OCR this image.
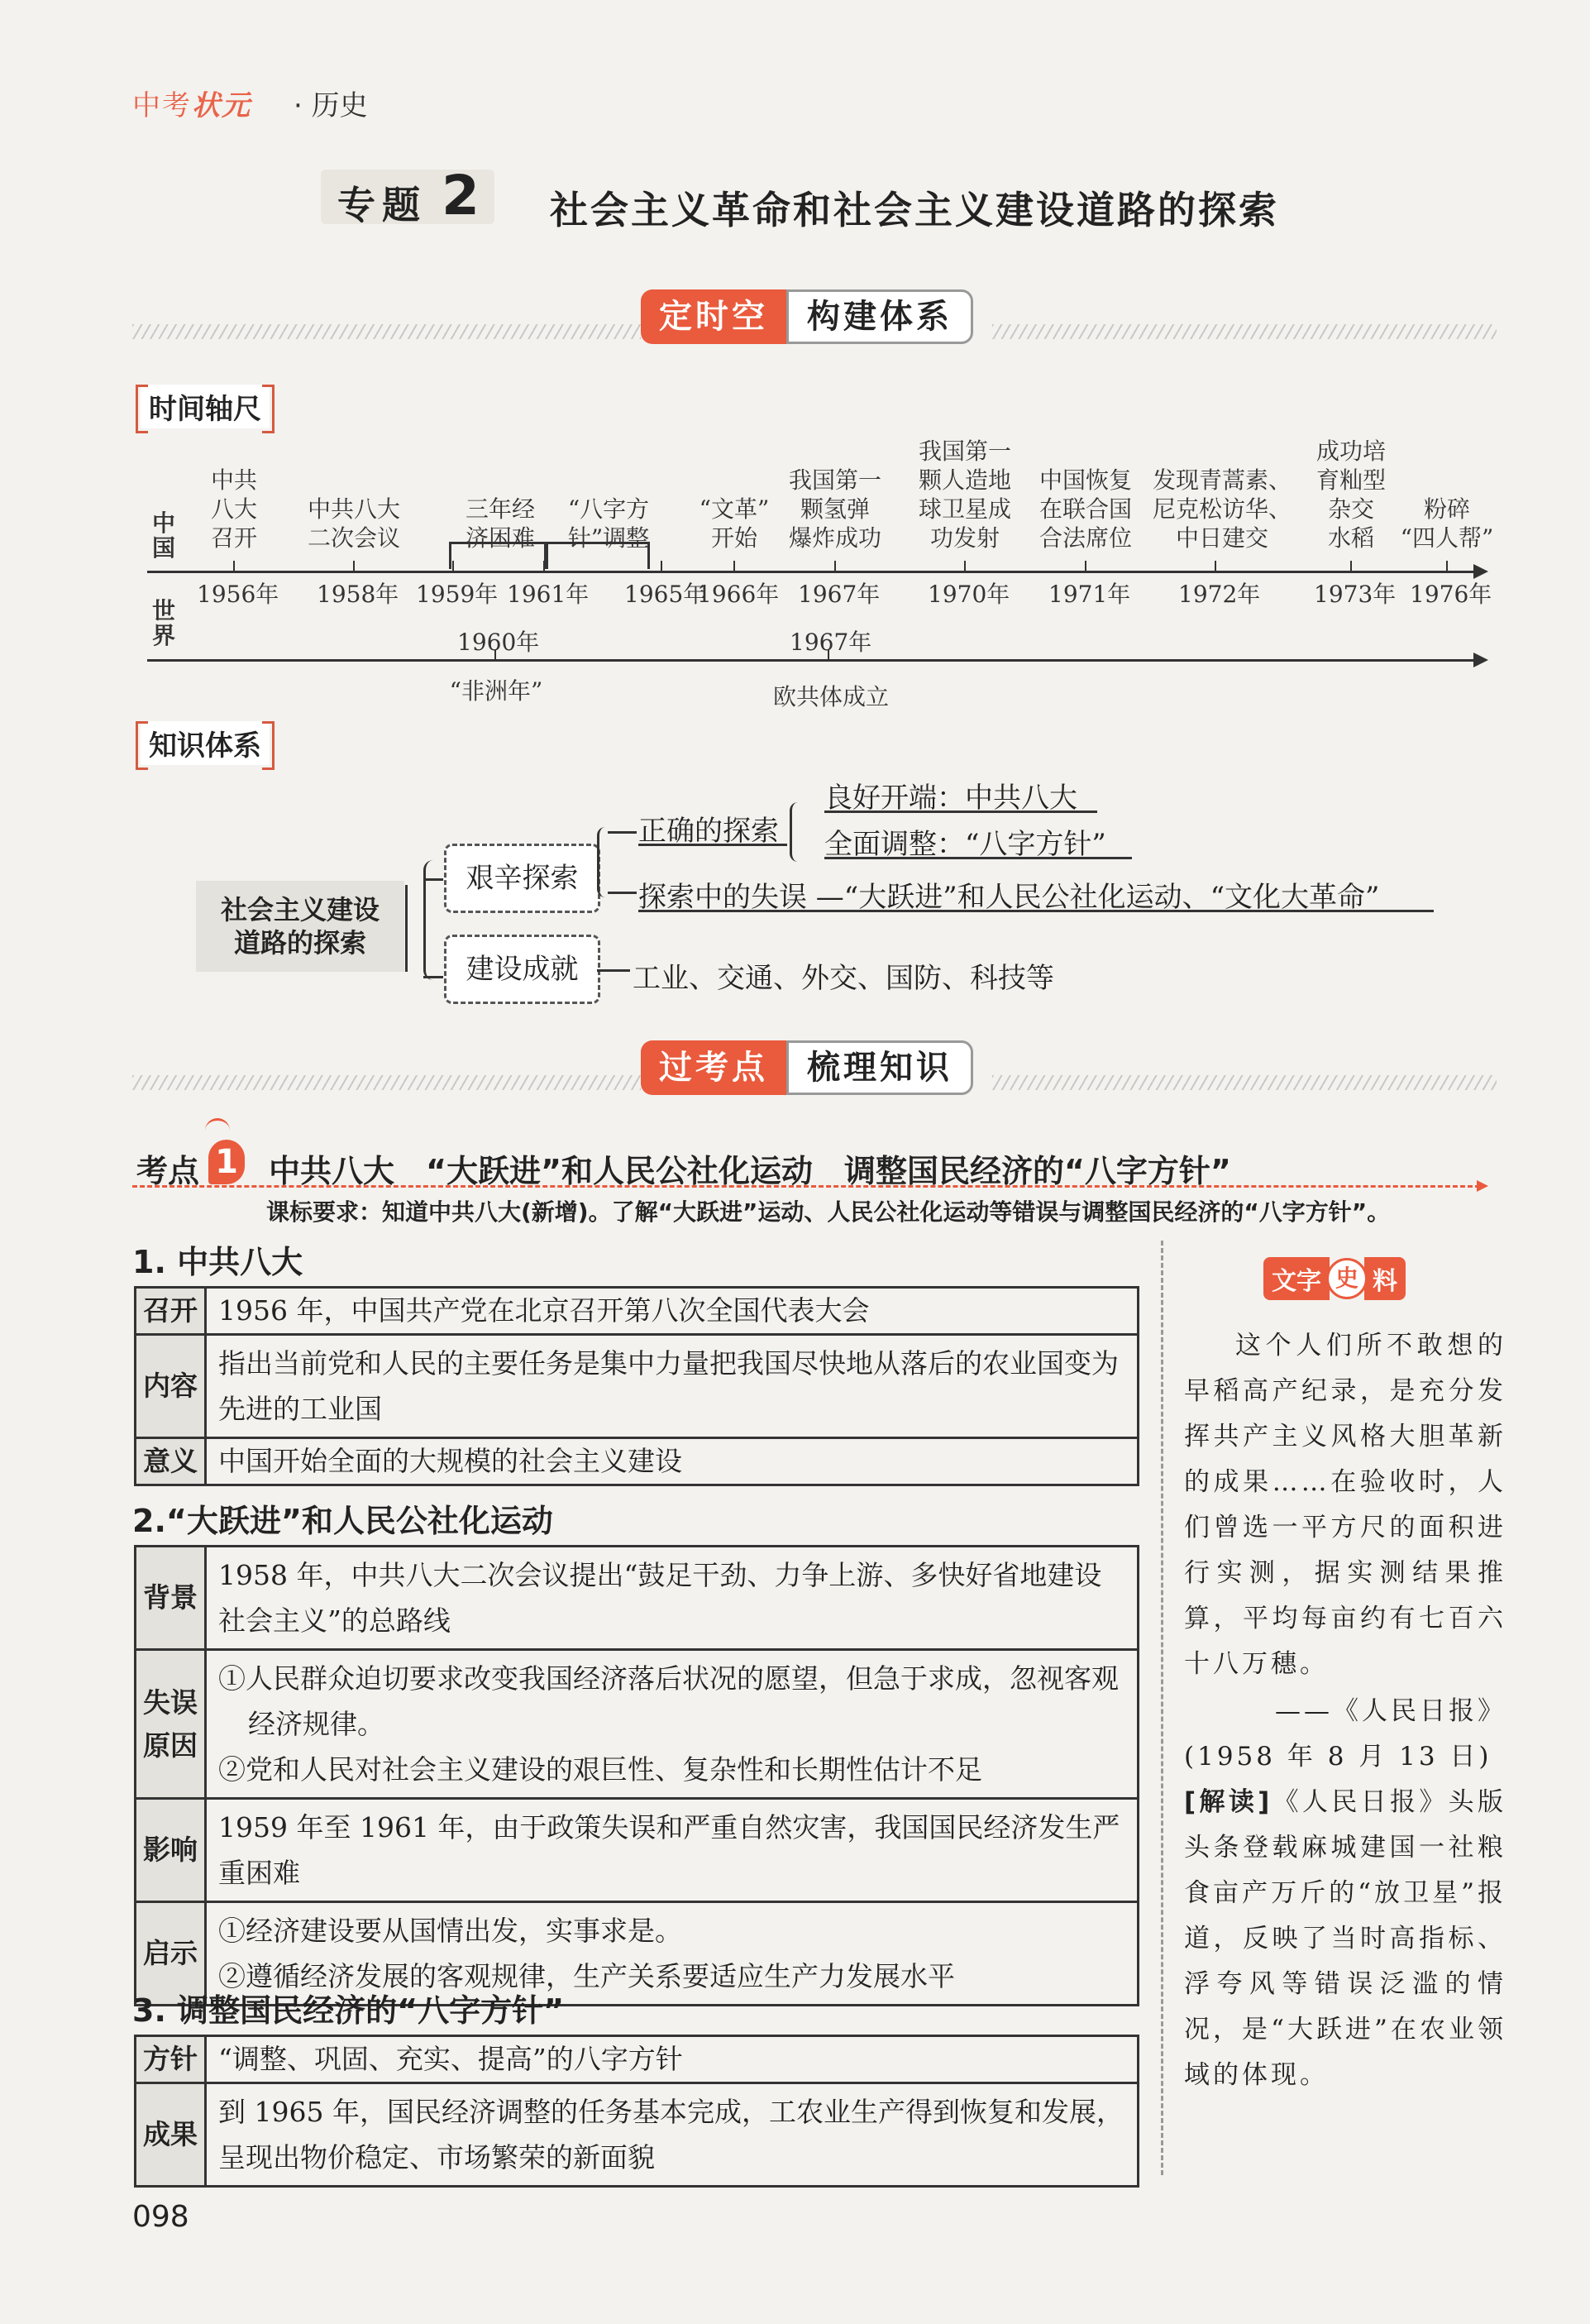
中考状元 · 历史
专题 2 社会主义革命和社会主义建设道路的探索
定时空	构建体系
时间轴尺
中国
世界
1956年
中共
八大
召开
1958年
中共八大
二次会议
1959年
三年经
济困难
1961年 1965年
“八字方
针”调整
1966年
“文革”
开始
1967年
我国第一
颗氢弹
爆炸成功
1970年
我国第一
颗人造地
球卫星成
功发射
1971年
中国恢复
在联合国
合法席位
1972年
发现青蒿素、
尼克松访华、
中日建交
1973年
成功培
育籼型
杂交
水稻
1976年
粉碎
“四人帮”
1960年
“非洲年”
1967年
欧共体成立
知识体系
社会主义建设
道路的探索
艰辛探索
建设成就
正确的探索
良好开端：中共八大
全面调整：“八字方针”
探索中的失误 —“大跃进”和人民公社化运动、“文化大革命”
工业、交通、外交、国防、科技等
过考点	梳理知识
考点 1 中共八大　“大跃进”和人民公社化运动　调整国民经济的“八字方针”
课标要求：知道中共八大(新增)。了解“大跃进”运动、人民公社化运动等错误与调整国民经济的“八字方针”。
1. 中共八大
召开	1956 年，中国共产党在北京召开第八次全国代表大会
内容	指出当前党和人民的主要任务是集中力量把我国尽快地从落后的农业国变为先进的工业国
意义	中国开始全面的大规模的社会主义建设
2.“大跃进”和人民公社化运动
背景	1958 年，中共八大二次会议提出“鼓足干劲、力争上游、多快好省地建设社会主义”的总路线
失误原因	①人民群众迫切要求改变我国经济落后状况的愿望，但急于求成，忽视客观经济规律。
②党和人民对社会主义建设的艰巨性、复杂性和长期性估计不足

影响	1959 年至 1961 年，由于政策失误和严重自然灾害，我国国民经济发生严重困难
启示	①经济建设要从国情出发，实事求是。
②遵循经济发展的客观规律，生产关系要适应生产力发展水平
3. 调整国民经济的“八字方针”
方针	“调整、巩固、充实、提高”的八字方针
成果	到 1965 年，国民经济调整的任务基本完成，工农业生产得到恢复和发展，呈现出物价稳定、市场繁荣的新面貌
文字 史 料
这个人们所不敢想的早稻高产纪录，是充分发挥共产主义风格大胆革新的成果……在验收时，人们曾选一平方尺的面积进行实测，据实测结果推算，平均每亩约有七百六十八万穗。
——《人民日报》
(1958 年 8 月 13 日)
[解读]《人民日报》头版头条登载麻城建国一社粮食亩产万斤的“放卫星”报道，反映了当时高指标、浮夸风等错误泛滥的情况，是“大跃进”在农业领域的体现。
098
